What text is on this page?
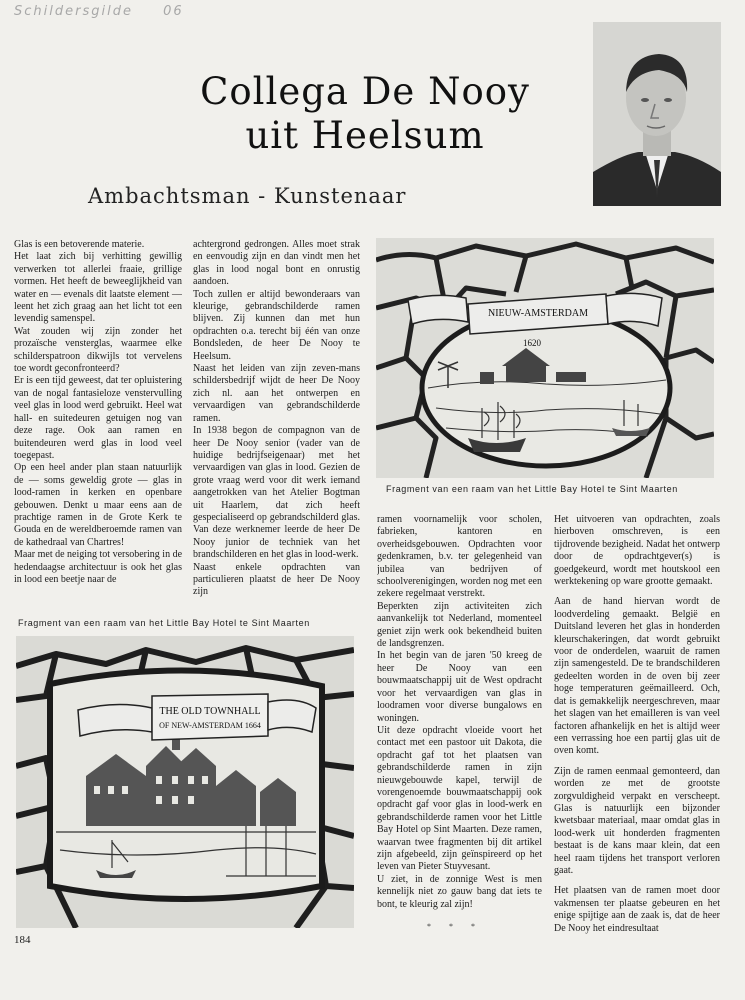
Schildersgilde 06
Collega De Nooy
uit Heelsum
Ambachtsman - Kunstenaar

Glas is een betoverende materie.

Het laat zich bij verhitting gewillig verwerken tot allerlei fraaie, grillige vormen. Het heeft de beweeglijkheid van water en — evenals dit laatste element — leent het zich graag aan het licht tot een levendig samenspel.

Wat zouden wij zijn zonder het prozaïsche vensterglas, waarmee elke schilderspatroon dikwijls tot vervelens toe wordt geconfronteerd?

Er is een tijd geweest, dat ter opluistering van de nogal fantasieloze venstervulling veel glas in lood werd gebruikt. Heel wat hall- en suitedeuren getuigen nog van deze rage. Ook aan ramen en buitendeuren werd glas in lood veel toegepast.

Op een heel ander plan staan natuurlijk de — soms geweldig grote — glas in lood-ramen in kerken en openbare gebouwen. Denkt u maar eens aan de prachtige ramen in de Grote Kerk te Gouda en de wereldberoemde ramen van de kathedraal van Chartres!

Maar met de neiging tot versobering in de hedendaagse architectuur is ook het glas in lood een beetje naar de

achtergrond gedrongen. Alles moet strak en eenvoudig zijn en dan vindt men het glas in lood nogal bont en onrustig aandoen.

Toch zullen er altijd bewonderaars van kleurige, gebrandschilderde ramen blijven. Zij kunnen dan met hun opdrachten o.a. terecht bij één van onze Bondsleden, de heer De Nooy te Heelsum.

Naast het leiden van zijn zeven-mans schildersbedrijf wijdt de heer De Nooy zich nl. aan het ontwerpen en vervaardigen van gebrandschilderde ramen.

In 1938 begon de compagnon van de heer De Nooy senior (vader van de huidige bedrijfseigenaar) met het vervaardigen van glas in lood. Gezien de grote vraag werd voor dit werk iemand aangetrokken van het Atelier Bogtman uit Haarlem, dat zich heeft gespecialiseerd op gebrandschilderd glas. Van deze werknemer leerde de heer De Nooy junior de techniek van het brandschilderen en het glas in lood-werk.

Naast enkele opdrachten van particulieren plaatst de heer De Nooy zijn

NIEUW-AMSTERDAM
1620
Fragment van een raam van het Little Bay Hotel te Sint Maarten

ramen voornamelijk voor scholen, fabrieken, kantoren en overheidsgebouwen. Opdrachten voor gedenkramen, b.v. ter gelegenheid van jubilea van bedrijven of schoolverenigingen, worden nog met een zekere regelmaat verstrekt.

Beperkten zijn activiteiten zich aanvankelijk tot Nederland, momenteel geniet zijn werk ook bekendheid buiten de landsgrenzen.

In het begin van de jaren '50 kreeg de heer De Nooy van een bouwmaatschappij uit de West opdracht voor het vervaardigen van glas in loodramen voor diverse bungalows en woningen.

Uit deze opdracht vloeide voort het contact met een pastoor uit Dakota, die opdracht gaf tot het plaatsen van gebrandschilderde ramen in zijn nieuwgebouwde kapel, terwijl de vorengenoemde bouwmaatschappij ook opdracht gaf voor glas in lood-werk en gebrandschilderde ramen voor het Little Bay Hotel op Sint Maarten. Deze ramen, waarvan twee fragmenten bij dit artikel zijn afgebeeld, zijn geïnspireerd op het leven van Pieter Stuyvesant.

U ziet, in de zonnige West is men kennelijk niet zo gauw bang dat iets te bont, te kleurig zal zijn!

Het uitvoeren van opdrachten, zoals hierboven omschreven, is een tijdrovende bezigheid. Nadat het ontwerp door de opdrachtgever(s) is goedgekeurd, wordt met houtskool een werktekening op ware grootte gemaakt.

Aan de hand hiervan wordt de loodverdeling gemaakt. België en Duitsland leveren het glas in honderden kleurschakeringen, dat wordt gebruikt voor de onderdelen, waaruit de ramen zijn samengesteld. De te brandschilderen gedeelten worden in de oven bij zeer hoge temperaturen geëmailleerd. Och, dat is gemakkelijk neergeschreven, maar het slagen van het emailleren is van veel factoren afhankelijk en het is altijd weer een verrassing hoe een partij glas uit de oven komt.

Zijn de ramen eenmaal gemonteerd, dan worden ze met de grootste zorgvuldigheid verpakt en verscheept. Glas is natuurlijk een bijzonder kwetsbaar materiaal, maar omdat glas in lood-werk uit honderden fragmenten bestaat is de kans maar klein, dat een heel raam tijdens het transport verloren gaat.

Het plaatsen van de ramen moet door vakmensen ter plaatse gebeuren en het enige spijtige aan de zaak is, dat de heer De Nooy het eindresultaat

Fragment van een raam van het Little Bay Hotel te Sint Maarten
THE OLD TOWNHALL
OF NEW-AMSTERDAM 1664
* * *
184
